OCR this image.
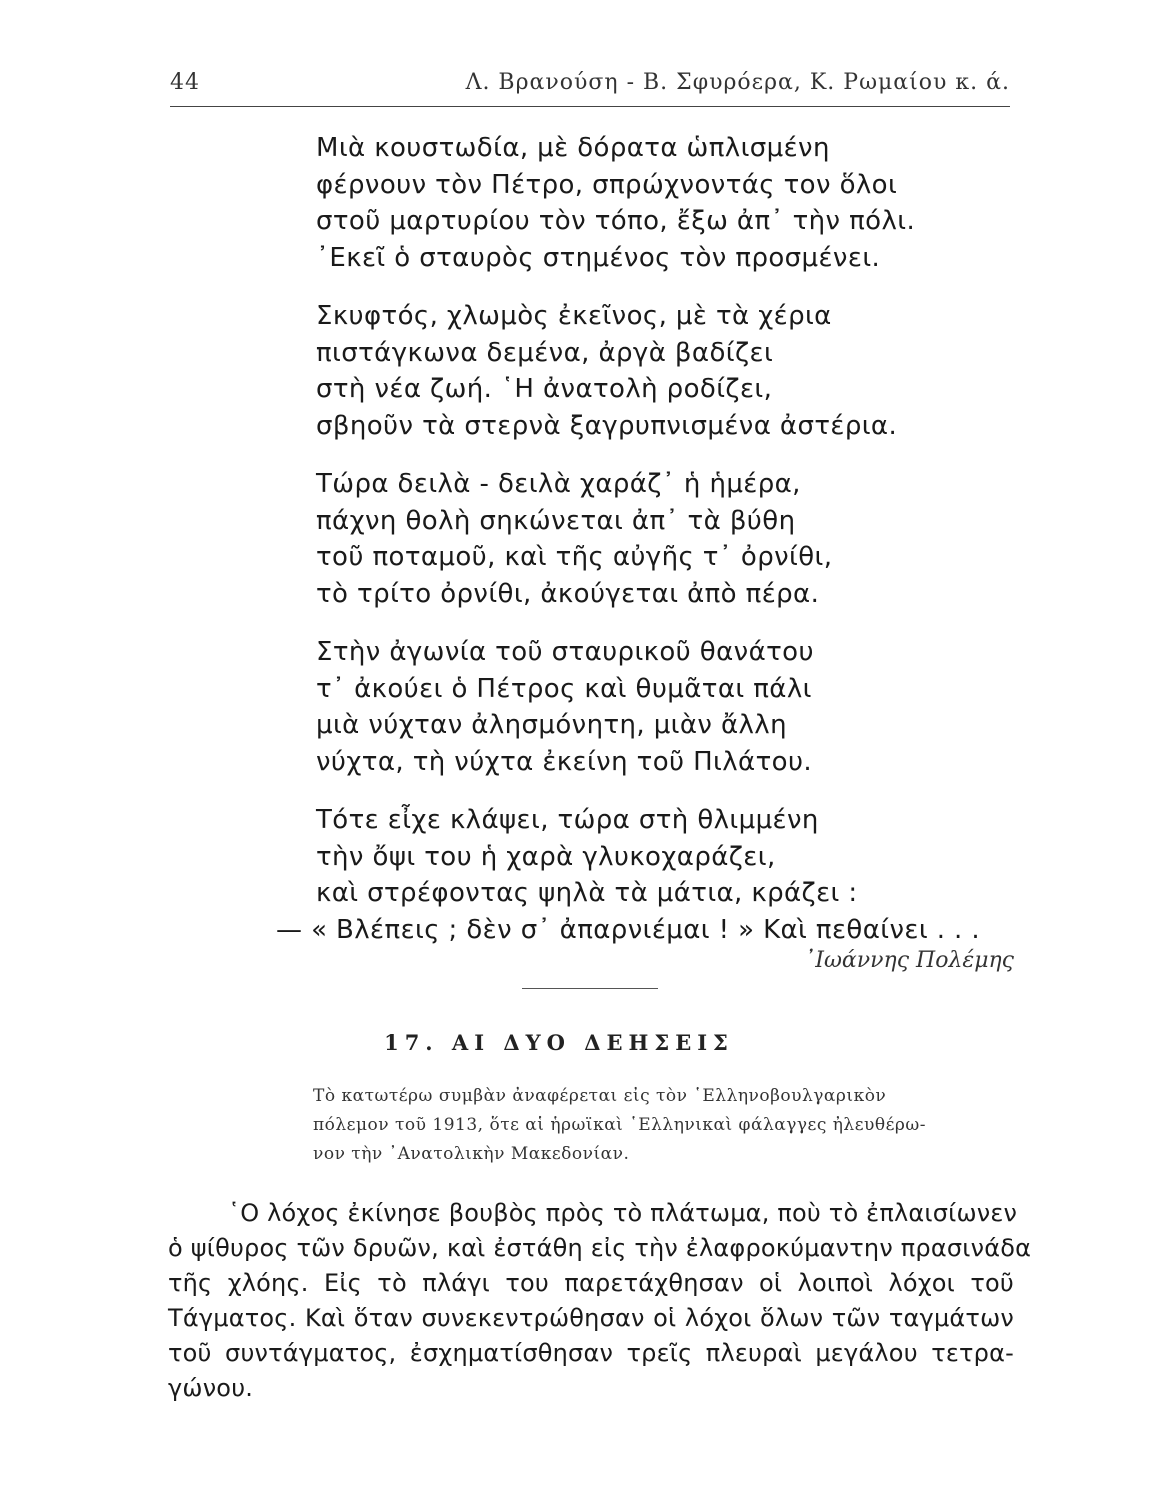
44	Λ. Βρανούση - Β. Σφυρόερα, Κ. Ρωμαίου κ. ά.
Μιὰ κουστωδία, μὲ δόρατα ὡπλισμένη
φέρνουν τὸν Πέτρο, σπρώχνοντάς τον ὅλοι
στοῦ μαρτυρίου τὸν τόπο, ἔξω ἀπ᾿ τὴν πόλι.
᾿Εκεῖ ὁ σταυρὸς στημένος τὸν προσμένει.
Σκυφτός, χλωμὸς ἐκεῖνος, μὲ τὰ χέρια
πιστάγκωνα δεμένα, ἀργὰ βαδίζει
στὴ νέα ζωή. ῾Η ἀνατολὴ ροδίζει,
σβηοῦν τὰ στερνὰ ξαγρυπνισμένα ἀστέρια.
Τώρα δειλὰ - δειλὰ χαράζ᾿ ἡ ἡμέρα,
πάχνη θολὴ σηκώνεται ἀπ᾿ τὰ βύθη
τοῦ ποταμοῦ, καὶ τῆς αὐγῆς τ᾿ ὀρνίθι,
τὸ τρίτο ὀρνίθι, ἀκούγεται ἀπὸ πέρα.
Στὴν ἀγωνία τοῦ σταυρικοῦ θανάτου
τ᾿ ἀκούει ὁ Πέτρος καὶ θυμᾶται πάλι
μιὰ νύχταν ἀλησμόνητη, μιὰν ἄλλη
νύχτα, τὴ νύχτα ἐκείνη τοῦ Πιλάτου.
Τότε εἶχε κλάψει, τώρα στὴ θλιμμένη
τὴν ὄψι του ἡ χαρὰ γλυκοχαράζει,
καὶ στρέφοντας ψηλὰ τὰ μάτια, κράζει :
— « Βλέπεις ; δὲν σ᾿ ἀπαρνιέμαι ! » Καὶ πεθαίνει . . .
᾿Ιωάννης Πολέμης
17. ΑΙ ΔΥΟ ΔΕΗΣΕΙΣ
Τὸ κατωτέρω συμβὰν ἀναφέρεται εἰς τὸν ῾Ελληνοβουλγαρικὸν
πόλεμον τοῦ 1913, ὅτε αἱ ἡρωϊκαὶ ῾Ελληνικαὶ φάλαγγες ἠλευθέρω-
νον τὴν ᾿Ανατολικὴν Μακεδονίαν.
῾Ο λόχος ἐκίνησε βουβὸς πρὸς τὸ πλάτωμα, ποὺ τὸ ἐπλαισίωνεν
ὁ ψίθυρος τῶν δρυῶν, καὶ ἐστάθη εἰς τὴν ἐλαφροκύμαντην πρασινάδα
τῆς χλόης. Εἰς τὸ πλάγι του παρετάχθησαν οἱ λοιποὶ λόχοι τοῦ
Τάγματος. Καὶ ὅταν συνεκεντρώθησαν οἱ λόχοι ὅλων τῶν ταγμάτων
τοῦ συντάγματος, ἐσχηματίσθησαν τρεῖς πλευραὶ μεγάλου τετρα-
γώνου.
